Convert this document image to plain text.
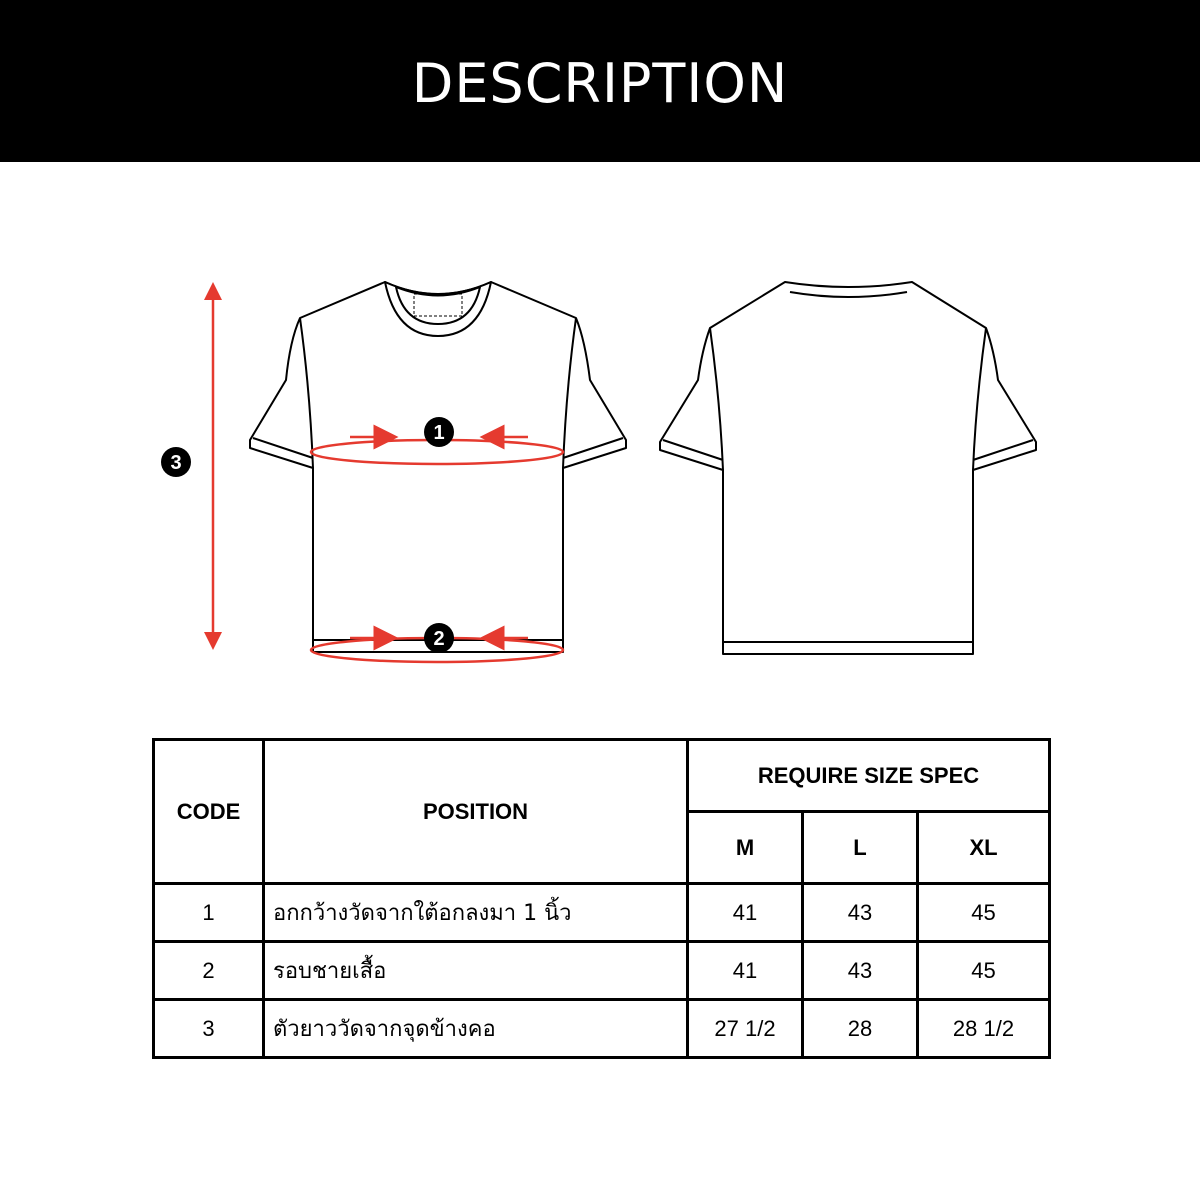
DESCRIPTION
1
2
3
CODE	POSITION	REQUIRE SIZE SPEC		
		M	L	XL
1	อกกว้างวัดจากใต้อกลงมา 1 นิ้ว	41	43	45
2	รอบชายเสื้อ	41	43	45
3	ตัวยาววัดจากจุดข้างคอ	27 1/2	28	28 1/2
